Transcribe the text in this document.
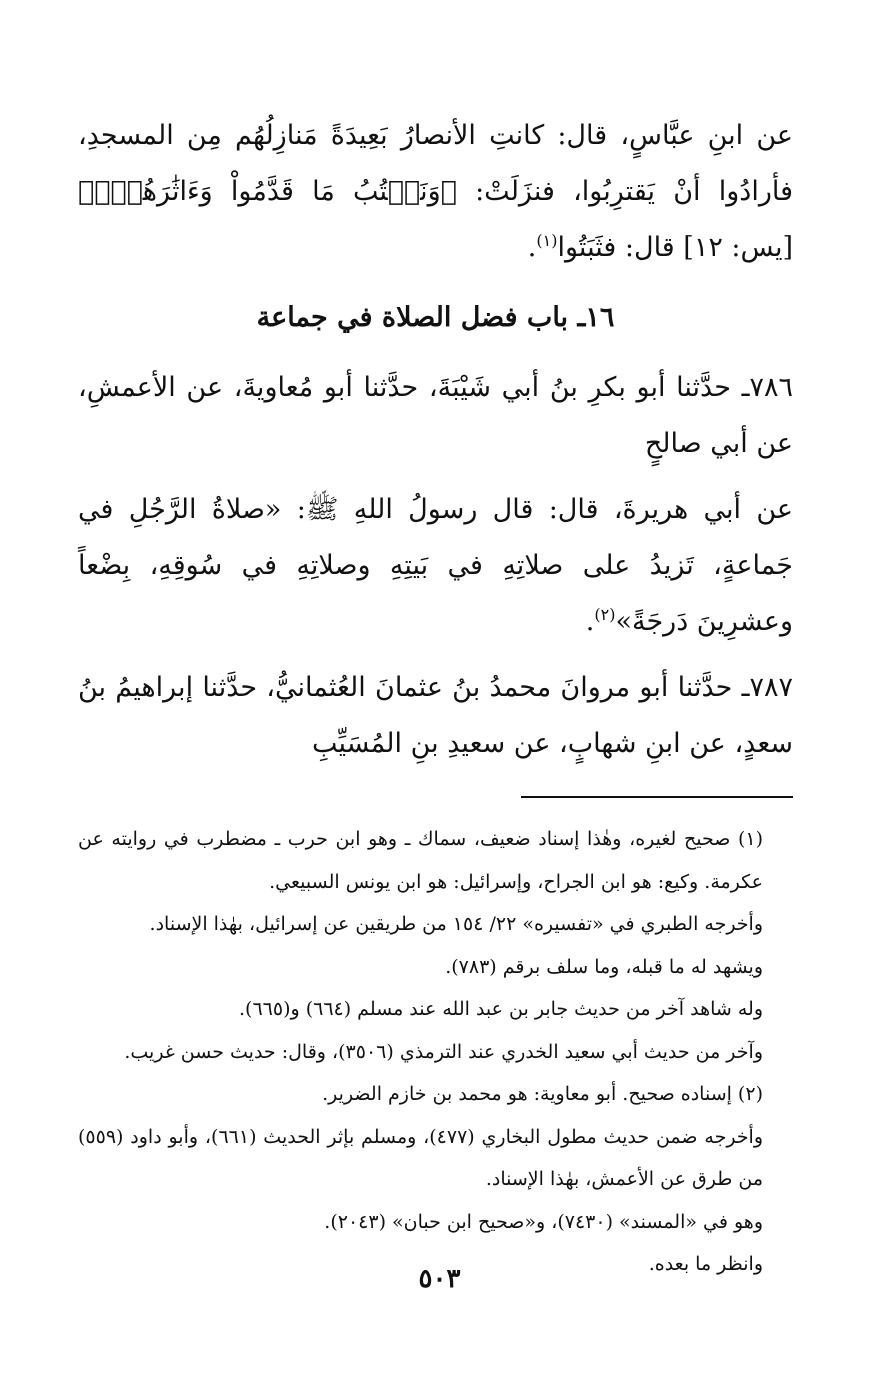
عن ابنِ عبَّاسٍ، قال: كانتِ الأنصارُ بَعِيدَةً مَنازِلُهُم مِن المسجدِ، فأرادُوا أنْ يَقترِبُوا، فنزَلَتْ: ﴿وَنَكۡتُبُ مَا قَدَّمُواْ وَءَاثَٰرَهُمۡۚ﴾ [يس: ١٢] قال: فثَبَتُوا$^{(١)}$.

١٦ـ باب فضل الصلاة في جماعة

٧٨٦ـ حدَّثنا أبو بكرِ بنُ أبي شَيْبَةَ، حدَّثنا أبو مُعاويةَ، عن الأعمشِ، عن أبي صالحٍ

عن أبي هريرةَ، قال: قال رسولُ اللهِ ﷺ: «صلاةُ الرَّجُلِ في جَماعةٍ، تَزيدُ على صلاتِهِ في بَيتِهِ وصلاتِهِ في سُوقِهِ، بِضْعاً وعشرِينَ دَرجَةً»$^{(٢)}$.

٧٨٧ـ حدَّثنا أبو مروانَ محمدُ بنُ عثمانَ العُثمانيُّ، حدَّثنا إبراهيمُ بنُ سعدٍ، عن ابنِ شهابٍ، عن سعيدِ بنِ المُسَيِّبِ

(١) صحيح لغيره، وهٰذا إسناد ضعيف، سماك ـ وهو ابن حرب ـ مضطرب في روايته عن عكرمة. وكيع: هو ابن الجراح، وإسرائيل: هو ابن يونس السبيعي.

وأخرجه الطبري في «تفسيره» ٢٢/ ١٥٤ من طريقين عن إسرائيل، بهٰذا الإسناد.

ويشهد له ما قبله، وما سلف برقم (٧٨٣).

وله شاهد آخر من حديث جابر بن عبد الله عند مسلم (٦٦٤) و(٦٦٥).

وآخر من حديث أبي سعيد الخدري عند الترمذي (٣٥٠٦)، وقال: حديث حسن غريب.

(٢) إسناده صحيح. أبو معاوية: هو محمد بن خازم الضرير.

وأخرجه ضمن حديث مطول البخاري (٤٧٧)، ومسلم بإثر الحديث (٦٦١)، وأبو داود (٥٥٩) من طرق عن الأعمش، بهٰذا الإسناد.

وهو في «المسند» (٧٤٣٠)، و«صحيح ابن حبان» (٢٠٤٣).

وانظر ما بعده.

٥٠٣
